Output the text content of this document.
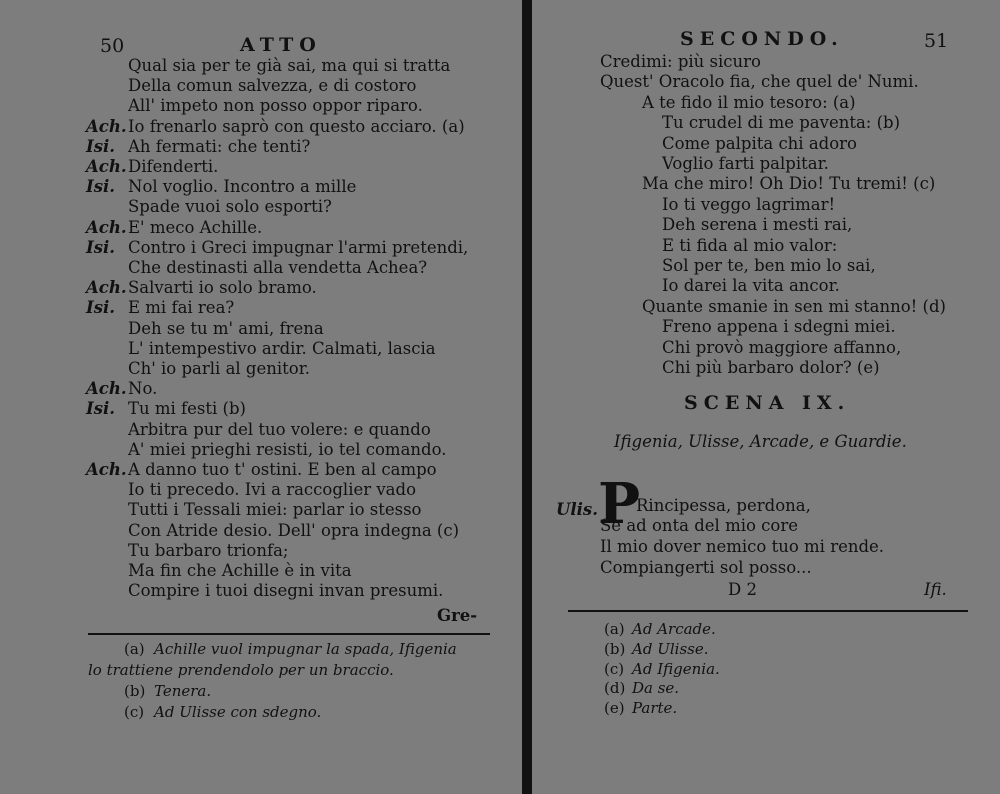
50	ATTO
Qual sia per te già sai, ma qui si tratta
Della comun salvezza, e di costoro
All' impeto non posso oppor riparo.
Ach. Io frenarlo saprò con questo acciaro. (a)
Isi. Ah fermati: che tenti?
Ach. Difenderti.
Isi. Nol voglio. Incontro a mille
Spade vuoi solo esporti?
Ach. E' meco Achille.
Isi. Contro i Greci impugnar l'armi pretendi,
Che destinasti alla vendetta Achea?
Ach. Salvarti io solo bramo.
Isi. E mi fai rea?
Deh se tu m' ami, frena
L' intempestivo ardir. Calmati, lascia
Ch' io parli al genitor.
Ach. No.
Isi. Tu mi festi (b)
Arbitra pur del tuo volere: e quando
A' miei prieghi resisti, io tel comando.
Ach. A danno tuo t' ostini. E ben al campo
Io ti precedo. Ivi a raccoglier vado
Tutti i Tessali miei: parlar io stesso
Con Atride desio. Dell' opra indegna (c)
Tu barbaro trionfa;
Ma fin che Achille è in vita
Compire i tuoi disegni invan presumi.
Gre-
(a) Achille vuol impugnar la spada, Ifigenia
lo trattiene prendendolo per un braccio.
(b) Tenera.
(c) Ad Ulisse con sdegno.
SECONDO.	51
Credimi: più sicuro
Quest' Oracolo fia, che quel de' Numi.
A te fido il mio tesoro: (a)
Tu crudel di me paventa: (b)
Come palpita chi adoro
Voglio farti palpitar.
Ma che miro! Oh Dio! Tu tremi! (c)
Io ti veggo lagrimar!
Deh serena i mesti rai,
E ti fida al mio valor:
Sol per te, ben mio lo sai,
Io darei la vita ancor.
Quante smanie in sen mi stanno! (d)
Freno appena i sdegni miei.
Chi provò maggiore affanno,
Chi più barbaro dolor? (e)
SCENA IX.
Ifigenia, Ulisse, Arcade, e Guardie.
Ulis. P
Rincipessa, perdona,
Se ad onta del mio core
Il mio dover nemico tuo mi rende.
Compiangerti sol posso...
D 2	Ifi.
(a) Ad Arcade.
(b) Ad Ulisse.
(c) Ad Ifigenia.
(d) Da se.
(e) Parte.
